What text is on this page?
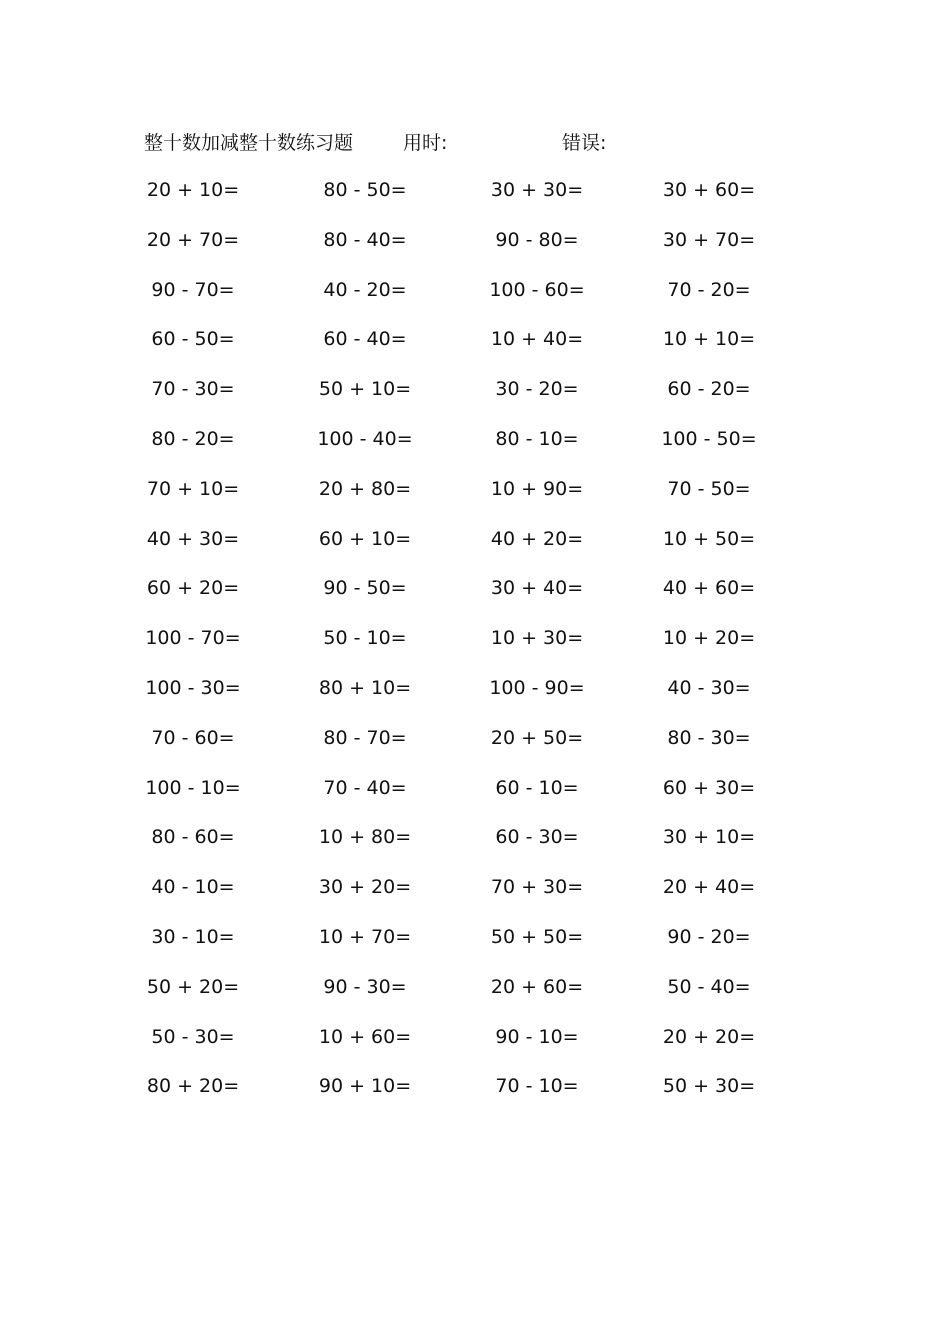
整十数加减整十数练习题	用时:	错误:
20 + 10=	80 - 50=	30 + 30=	30 + 60=
20 + 70=	80 - 40=	90 - 80=	30 + 70=
90 - 70=	40 - 20=	100 - 60=	70 - 20=
60 - 50=	60 - 40=	10 + 40=	10 + 10=
70 - 30=	50 + 10=	30 - 20=	60 - 20=
80 - 20=	100 - 40=	80 - 10=	100 - 50=
70 + 10=	20 + 80=	10 + 90=	70 - 50=
40 + 30=	60 + 10=	40 + 20=	10 + 50=
60 + 20=	90 - 50=	30 + 40=	40 + 60=
100 - 70=	50 - 10=	10 + 30=	10 + 20=
100 - 30=	80 + 10=	100 - 90=	40 - 30=
70 - 60=	80 - 70=	20 + 50=	80 - 30=
100 - 10=	70 - 40=	60 - 10=	60 + 30=
80 - 60=	10 + 80=	60 - 30=	30 + 10=
40 - 10=	30 + 20=	70 + 30=	20 + 40=
30 - 10=	10 + 70=	50 + 50=	90 - 20=
50 + 20=	90 - 30=	20 + 60=	50 - 40=
50 - 30=	10 + 60=	90 - 10=	20 + 20=
80 + 20=	90 + 10=	70 - 10=	50 + 30=
